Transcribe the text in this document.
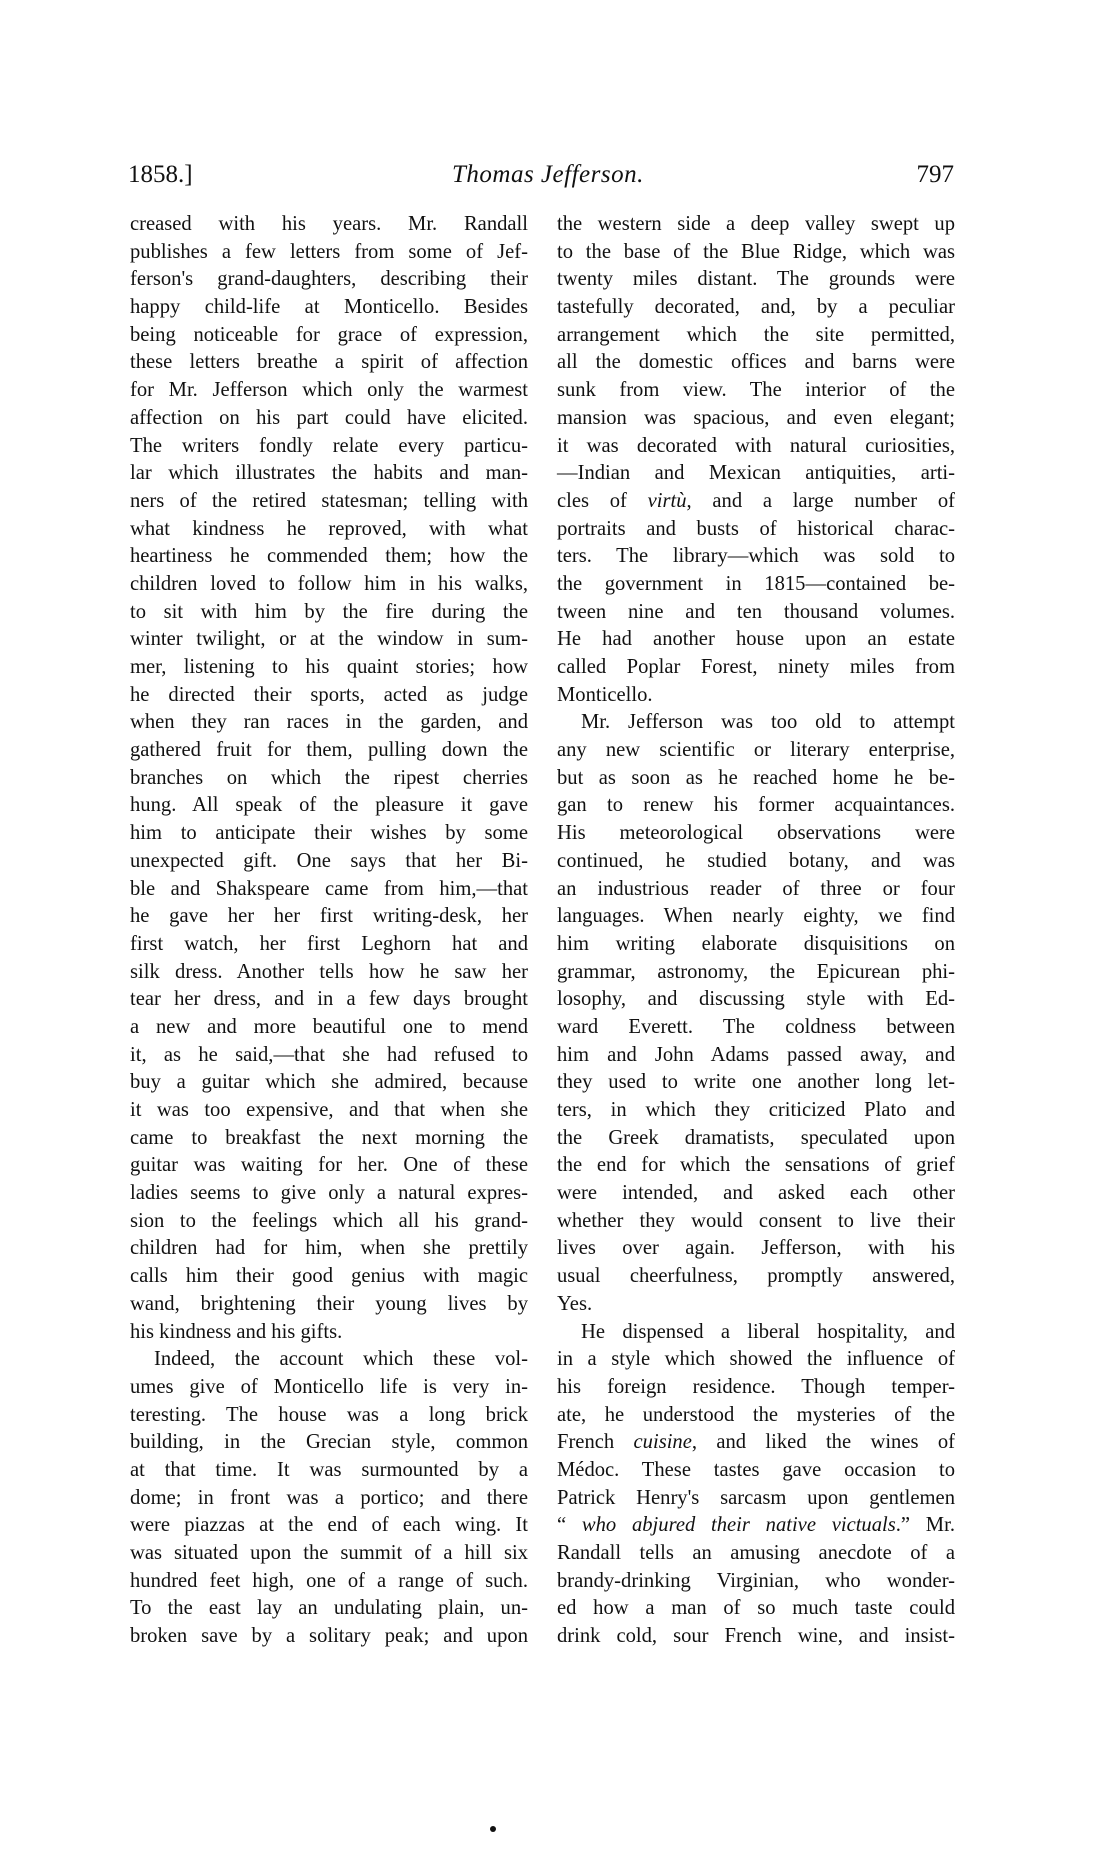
1858.]	Thomas Jefferson.	797
creased with his years. Mr. Randall
publishes a few letters from some of Jef-
ferson's grand-daughters, describing their
happy child-life at Monticello. Besides
being noticeable for grace of expression,
these letters breathe a spirit of affection
for Mr. Jefferson which only the warmest
affection on his part could have elicited.
The writers fondly relate every particu-
lar which illustrates the habits and man-
ners of the retired statesman; telling with
what kindness he reproved, with what
heartiness he commended them; how the
children loved to follow him in his walks,
to sit with him by the fire during the
winter twilight, or at the window in sum-
mer, listening to his quaint stories; how
he directed their sports, acted as judge
when they ran races in the garden, and
gathered fruit for them, pulling down the
branches on which the ripest cherries
hung. All speak of the pleasure it gave
him to anticipate their wishes by some
unexpected gift. One says that her Bi-
ble and Shakspeare came from him,—that
he gave her her first writing-desk, her
first watch, her first Leghorn hat and
silk dress. Another tells how he saw her
tear her dress, and in a few days brought
a new and more beautiful one to mend
it, as he said,—that she had refused to
buy a guitar which she admired, because
it was too expensive, and that when she
came to breakfast the next morning the
guitar was waiting for her. One of these
ladies seems to give only a natural expres-
sion to the feelings which all his grand-
children had for him, when she prettily
calls him their good genius with magic
wand, brightening their young lives by
his kindness and his gifts.
Indeed, the account which these vol-
umes give of Monticello life is very in-
teresting. The house was a long brick
building, in the Grecian style, common
at that time. It was surmounted by a
dome; in front was a portico; and there
were piazzas at the end of each wing. It
was situated upon the summit of a hill six
hundred feet high, one of a range of such.
To the east lay an undulating plain, un-
broken save by a solitary peak; and upon
the western side a deep valley swept up
to the base of the Blue Ridge, which was
twenty miles distant. The grounds were
tastefully decorated, and, by a peculiar
arrangement which the site permitted,
all the domestic offices and barns were
sunk from view. The interior of the
mansion was spacious, and even elegant;
it was decorated with natural curiosities,
—Indian and Mexican antiquities, arti-
cles of virtù, and a large number of
portraits and busts of historical charac-
ters. The library—which was sold to
the government in 1815—contained be-
tween nine and ten thousand volumes.
He had another house upon an estate
called Poplar Forest, ninety miles from
Monticello.
Mr. Jefferson was too old to attempt
any new scientific or literary enterprise,
but as soon as he reached home he be-
gan to renew his former acquaintances.
His meteorological observations were
continued, he studied botany, and was
an industrious reader of three or four
languages. When nearly eighty, we find
him writing elaborate disquisitions on
grammar, astronomy, the Epicurean phi-
losophy, and discussing style with Ed-
ward Everett. The coldness between
him and John Adams passed away, and
they used to write one another long let-
ters, in which they criticized Plato and
the Greek dramatists, speculated upon
the end for which the sensations of grief
were intended, and asked each other
whether they would consent to live their
lives over again. Jefferson, with his
usual cheerfulness, promptly answered,
Yes.
He dispensed a liberal hospitality, and
in a style which showed the influence of
his foreign residence. Though temper-
ate, he understood the mysteries of the
French cuisine, and liked the wines of
Médoc. These tastes gave occasion to
Patrick Henry's sarcasm upon gentlemen
“ who abjured their native victuals.” Mr.
Randall tells an amusing anecdote of a
brandy-drinking Virginian, who wonder-
ed how a man of so much taste could
drink cold, sour French wine, and insist-
